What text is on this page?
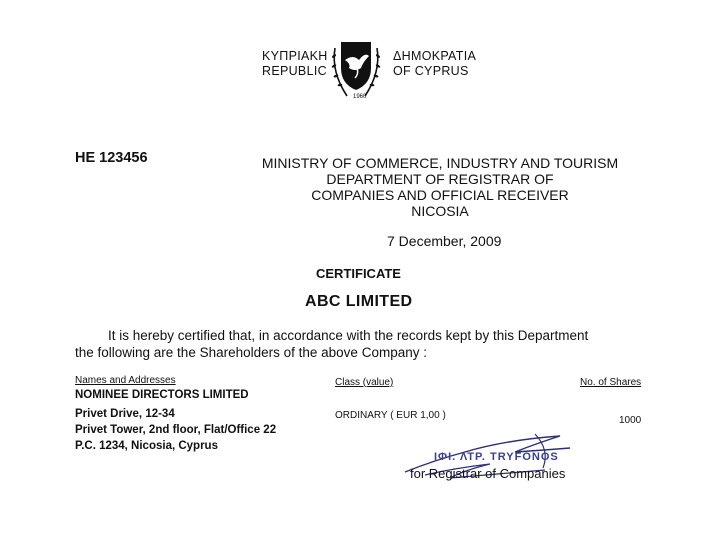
ΚΥΠΡΙΑΚΗ
REPUBLIC
1960
ΔΗΜΟΚΡΑΤΙΑ
OF CYPRUS
HE 123456	MINISTRY OF COMMERCE, INDUSTRY AND TOURISM
DEPARTMENT OF REGISTRAR OF
COMPANIES AND OFFICIAL RECEIVER
NICOSIA
7 December, 2009
CERTIFICATE
ABC LIMITED
It is hereby certified that, in accordance with the records kept by this Department
the following are the Shareholders of the above Company :
Names and Addresses	Class (value)	No. of Shares
NOMINEE DIRECTORS LIMITED
Privet Drive, 12-34
Privet Tower, 2nd floor, Flat/Office 22
P.C. 1234, Nicosia, Cyprus
ORDINARY ( EUR 1,00 )	1000
ΙΦΙ. ΛΤΡ. TRYFONOS
for Registrar of Companies
